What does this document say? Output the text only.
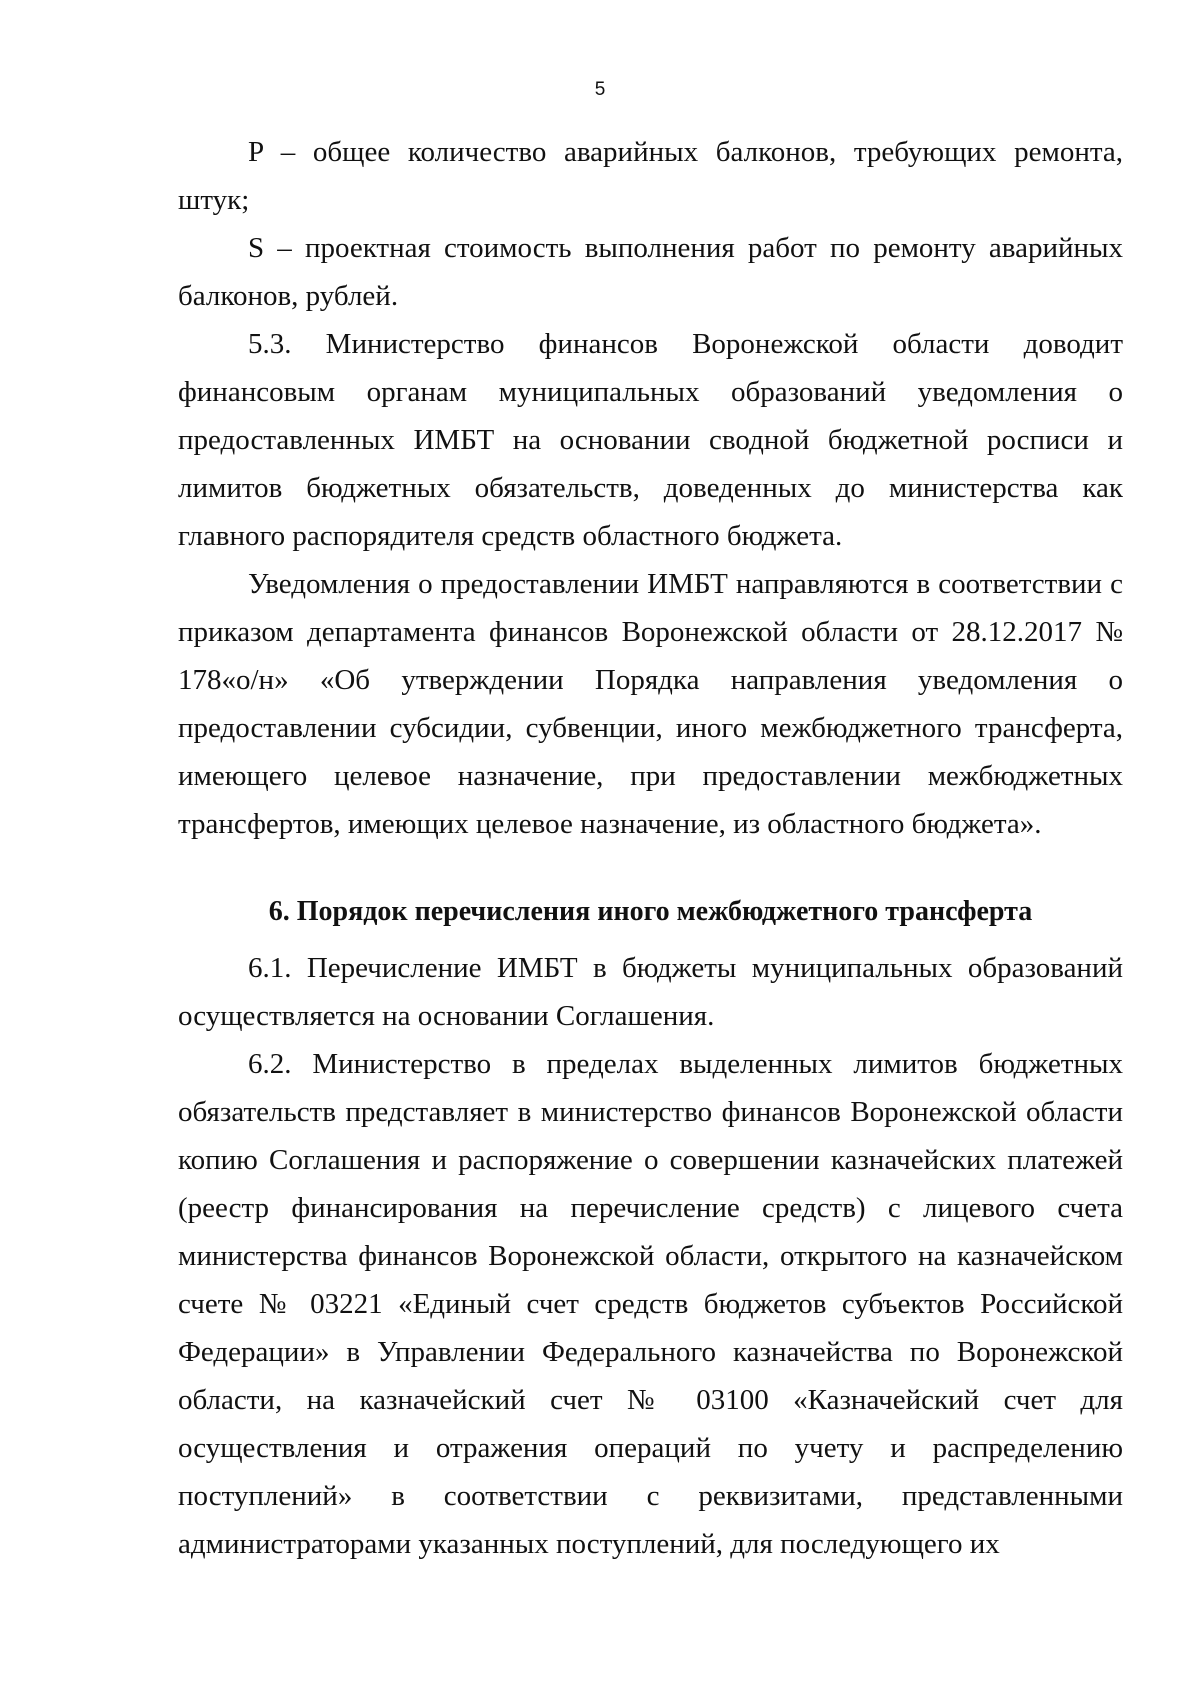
5

P – общее количество аварийных балконов, требующих ремонта, штук;

S – проектная стоимость выполнения работ по ремонту аварийных балконов, рублей.

5.3. Министерство финансов Воронежской области доводит финансовым органам муниципальных образований уведомления о предоставленных ИМБТ на основании сводной бюджетной росписи и лимитов бюджетных обязательств, доведенных до министерства как главного распорядителя средств областного бюджета.

Уведомления о предоставлении ИМБТ направляются в соответствии с приказом департамента финансов Воронежской области от 28.12.2017 № 178«о/н» «Об утверждении Порядка направления уведомления о предоставлении субсидии, субвенции, иного межбюджетного трансферта, имеющего целевое назначение, при предоставлении межбюджетных трансфертов, имеющих целевое назначение, из областного бюджета».

6. Порядок перечисления иного межбюджетного трансферта

6.1. Перечисление ИМБТ в бюджеты муниципальных образований осуществляется на основании Соглашения.

6.2. Министерство в пределах выделенных лимитов бюджетных обязательств представляет в министерство финансов Воронежской области копию Соглашения и распоряжение о совершении казначейских платежей (реестр финансирования на перечисление средств) с лицевого счета министерства финансов Воронежской области, открытого на казначейском счете № 03221 «Единый счет средств бюджетов субъектов Российской Федерации» в Управлении Федерального казначейства по Воронежской области, на казначейский счет № 03100 «Казначейский счет для осуществления и отражения операций по учету и распределению поступлений» в соответствии с реквизитами, представленными администраторами указанных поступлений, для последующего их
